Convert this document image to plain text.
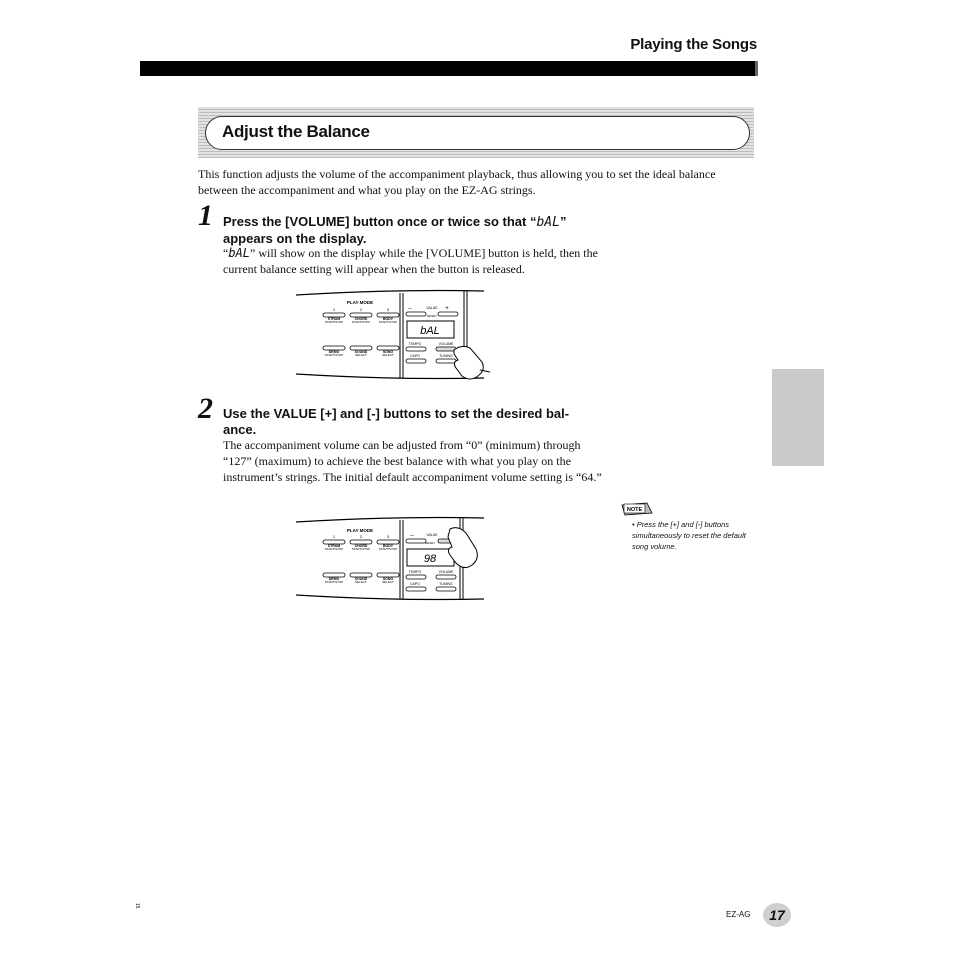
Playing the Songs
Adjust the Balance
This function adjusts the volume of the accompaniment playback, thus allowing you to set the ideal balance between the accompaniment and what you play on the EZ-AG strings.
1 Press the [VOLUME] button once or twice so that “bAL” appears on the display.
“bAL” will show on the display while the [VOLUME] button is held, then the current balance setting will appear when the button is released.
PLAY MODE
1	2	3
STRUM	CHORD	BODY
START/STOP	START/STOP	START/STOP
DEMO	SOUND	SONG
START/STOP	SELECT	SELECT
VALUE
–	+
RESET
bAL
TEMPO	VOLUME
CAPO	TUNING
2 Use the VALUE [+] and [-] buttons to set the desired bal-ance.
The accompaniment volume can be adjusted from “0” (minimum) through “127” (maximum) to achieve the best balance with what you play on the instrument’s strings. The initial default accompaniment volume setting is “64.”
PLAY MODE
1	2	3
STRUM	CHORD	BODY
START/STOP	START/STOP	START/STOP
DEMO	SOUND	SONG
START/STOP	SELECT	SELECT
VALUE
–
RESET
98
TEMPO	VOLUME
CAPO	TUNING
NOTE
• Press the [+] and [-] buttons simultaneously to reset the default song volume.
15
EZ-AG	17
